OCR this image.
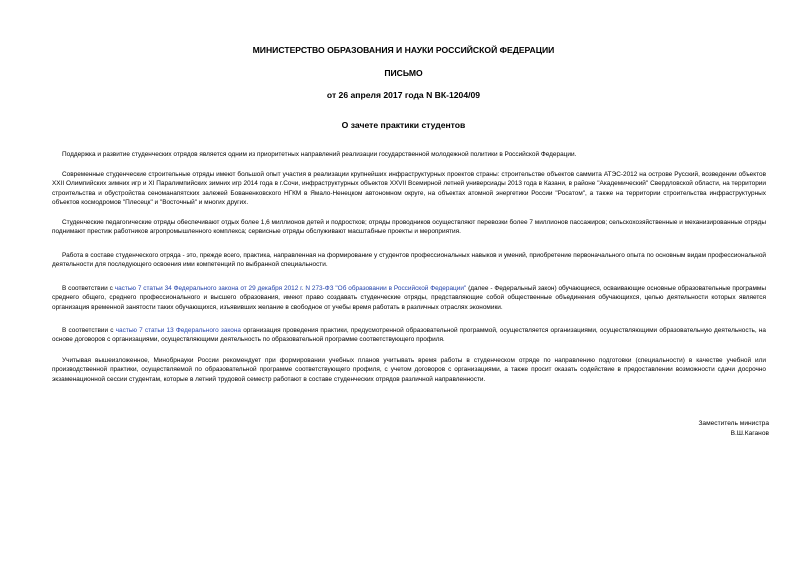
МИНИСТЕРСТВО ОБРАЗОВАНИЯ И НАУКИ РОССИЙСКОЙ ФЕДЕРАЦИИ
ПИСЬМО
от 26 апреля 2017 года N ВК-1204/09
О зачете практики студентов
Поддержка и развитие студенческих отрядов является одним из приоритетных направлений реализации государственной молодежной политики в Российской Федерации.
Современные студенческие строительные отряды имеют большой опыт участия в реализации крупнейших инфраструктурных проектов страны: строительстве объектов саммита АТЭС-2012 на острове Русский, возведении объектов XXII Олимпийских зимних игр и XI Паралимпийских зимних игр 2014 года в г.Сочи, инфраструктурных объектов XXVII Всемирной летней универсиады 2013 года в Казани, в районе "Академический" Свердловской области, на территории строительства и обустройства сеноманапятских залежей Бованенковского НГКМ в Ямало-Ненецком автономном округе, на объектах атомной энергетики России "Росатом", а также на территории строительства инфраструктурных объектов космодромов "Плесецк" и "Восточный" и многих других.
Студенческие педагогические отряды обеспечивают отдых более 1,6 миллионов детей и подростков; отряды проводников осуществляют перевозки более 7 миллионов пассажиров; сельскохозяйственные и механизированные отряды поднимают престиж работников агропромышленного комплекса; сервисные отряды обслуживают масштабные проекты и мероприятия.
Работа в составе студенческого отряда - это, прежде всего, практика, направленная на формирование у студентов профессиональных навыков и умений, приобретение первоначального опыта по основным видам профессиональной деятельности для последующего освоения ими компетенций по выбранной специальности.
В соответствии с частью 7 статьи 34 Федерального закона от 29 декабря 2012 г. N 273-ФЗ "Об образовании в Российской Федерации" (далее - Федеральный закон) обучающиеся, осваивающие основные образовательные программы среднего общего, среднего профессионального и высшего образования, имеют право создавать студенческие отряды, представляющие собой общественные объединения обучающихся, целью деятельности которых является организация временной занятости таких обучающихся, изъявивших желание в свободное от учебы время работать в различных отраслях экономики.
В соответствии с частью 7 статьи 13 Федерального закона организация проведения практики, предусмотренной образовательной программой, осуществляется организациями, осуществляющими образовательную деятельность, на основе договоров с организациями, осуществляющими деятельность по образовательной программе соответствующего профиля.
Учитывая вышеизложенное, Минобрнауки России рекомендует при формировании учебных планов учитывать время работы в студенческом отряде по направлению подготовки (специальности) в качестве учебной или производственной практики, осуществляемой по образовательной программе соответствующего профиля, с учетом договоров с организациями, а также просит оказать содействие в предоставлении возможности сдачи досрочно экзаменационной сессии студентам, которые в летний трудовой семестр работают в составе студенческих отрядов различной направленности.
Заместитель министра
В.Ш.Каганов
